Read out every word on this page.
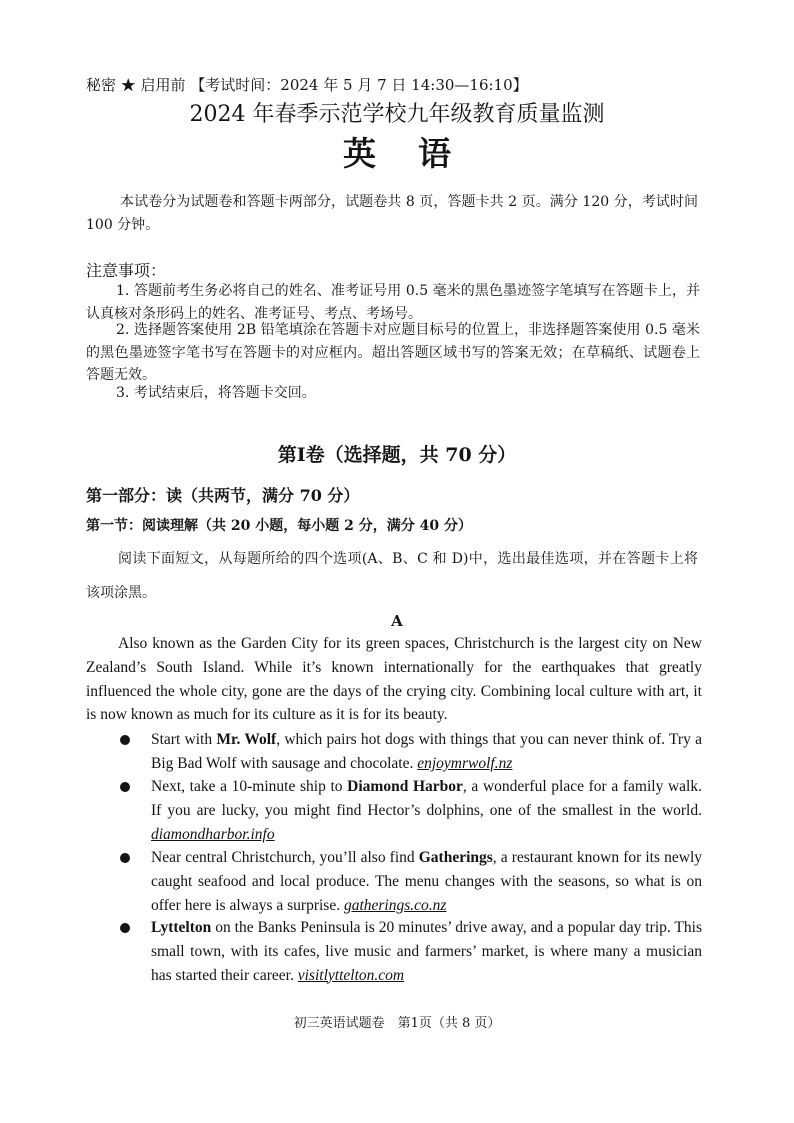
秘密 ★ 启用前 【考试时间：2024 年 5 月 7 日 14:30—16:10】
2024 年春季示范学校九年级教育质量监测
英语
本试卷分为试题卷和答题卡两部分，试题卷共 8 页，答题卡共 2 页。满分 120 分，考试时间 100 分钟。
注意事项：
1. 答题前考生务必将自己的姓名、准考证号用 0.5 毫米的黑色墨迹签字笔填写在答题卡上，并认真核对条形码上的姓名、准考证号、考点、考场号。
2. 选择题答案使用 2B 铅笔填涂在答题卡对应题目标号的位置上，非选择题答案使用 0.5 毫米的黑色墨迹签字笔书写在答题卡的对应框内。超出答题区域书写的答案无效；在草稿纸、试题卷上答题无效。
3. 考试结束后，将答题卡交回。
第I卷（选择题，共 70 分）
第一部分：读（共两节，满分 70 分）
第一节：阅读理解（共 20 小题，每小题 2 分，满分 40 分）
阅读下面短文，从每题所给的四个选项(A、B、C 和 D)中，选出最佳选项，并在答题卡上将该项涂黑。
A
Also known as the Garden City for its green spaces, Christchurch is the largest city on New Zealand’s South Island. While it’s known internationally for the earthquakes that greatly influenced the whole city, gone are the days of the crying city. Combining local culture with art, it is now known as much for its culture as it is for its beauty.
Start with Mr. Wolf, which pairs hot dogs with things that you can never think of. Try a Big Bad Wolf with sausage and chocolate. enjoymrwolf.nz
Next, take a 10-minute ship to Diamond Harbor, a wonderful place for a family walk. If you are lucky, you might find Hector’s dolphins, one of the smallest in the world. diamondharbor.info
Near central Christchurch, you’ll also find Gatherings, a restaurant known for its newly caught seafood and local produce. The menu changes with the seasons, so what is on offer here is always a surprise. gatherings.co.nz
Lyttelton on the Banks Peninsula is 20 minutes’ drive away, and a popular day trip. This small town, with its cafes, live music and farmers’ market, is where many a musician has started their career. visitlyttelton.com
初三英语试题卷　第1页（共 8 页）
